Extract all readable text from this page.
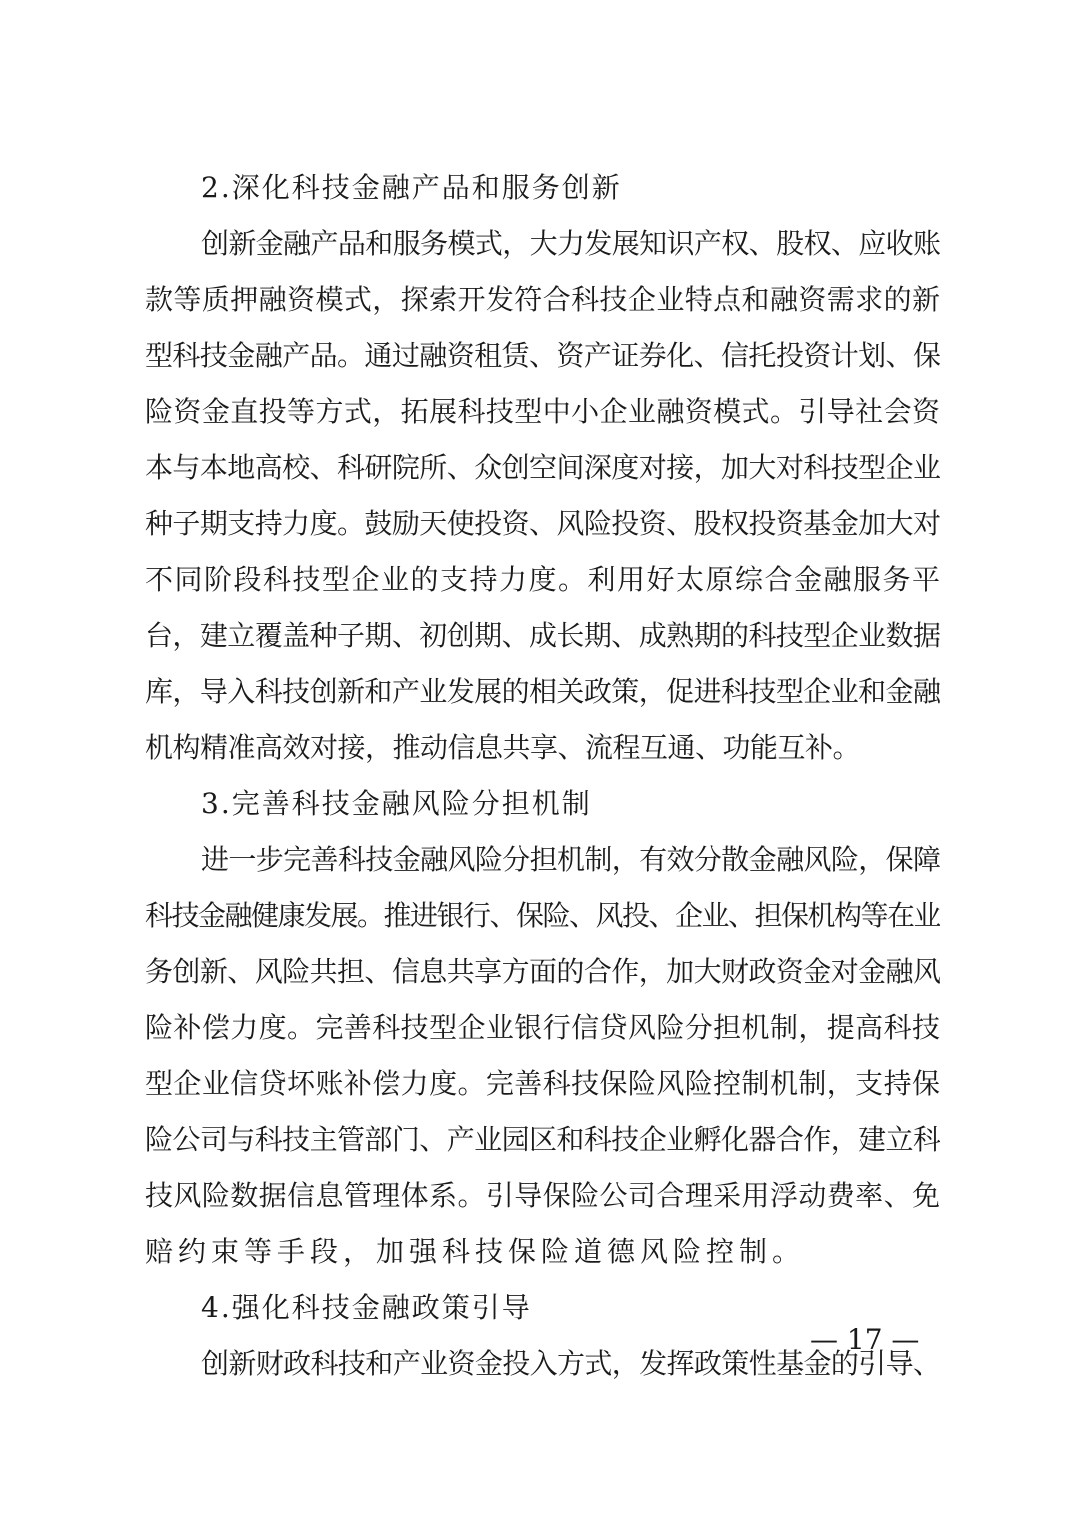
2.深化科技金融产品和服务创新
创新金融产品和服务模式，大力发展知识产权、股权、应收账
款等质押融资模式，探索开发符合科技企业特点和融资需求的新
型科技金融产品。通过融资租赁、资产证券化、信托投资计划、保
险资金直投等方式，拓展科技型中小企业融资模式。引导社会资
本与本地高校、科研院所、众创空间深度对接，加大对科技型企业
种子期支持力度。鼓励天使投资、风险投资、股权投资基金加大对
不同阶段科技型企业的支持力度。利用好太原综合金融服务平
台，建立覆盖种子期、初创期、成长期、成熟期的科技型企业数据
库，导入科技创新和产业发展的相关政策，促进科技型企业和金融
机构精准高效对接，推动信息共享、流程互通、功能互补。
3.完善科技金融风险分担机制
进一步完善科技金融风险分担机制，有效分散金融风险，保障
科技金融健康发展。推进银行、保险、风投、企业、担保机构等在业
务创新、风险共担、信息共享方面的合作，加大财政资金对金融风
险补偿力度。完善科技型企业银行信贷风险分担机制，提高科技
型企业信贷坏账补偿力度。完善科技保险风险控制机制，支持保
险公司与科技主管部门、产业园区和科技企业孵化器合作，建立科
技风险数据信息管理体系。引导保险公司合理采用浮动费率、免
赔约束等手段，加强科技保险道德风险控制。
4.强化科技金融政策引导
创新财政科技和产业资金投入方式，发挥政策性基金的引导、
— 17 —
